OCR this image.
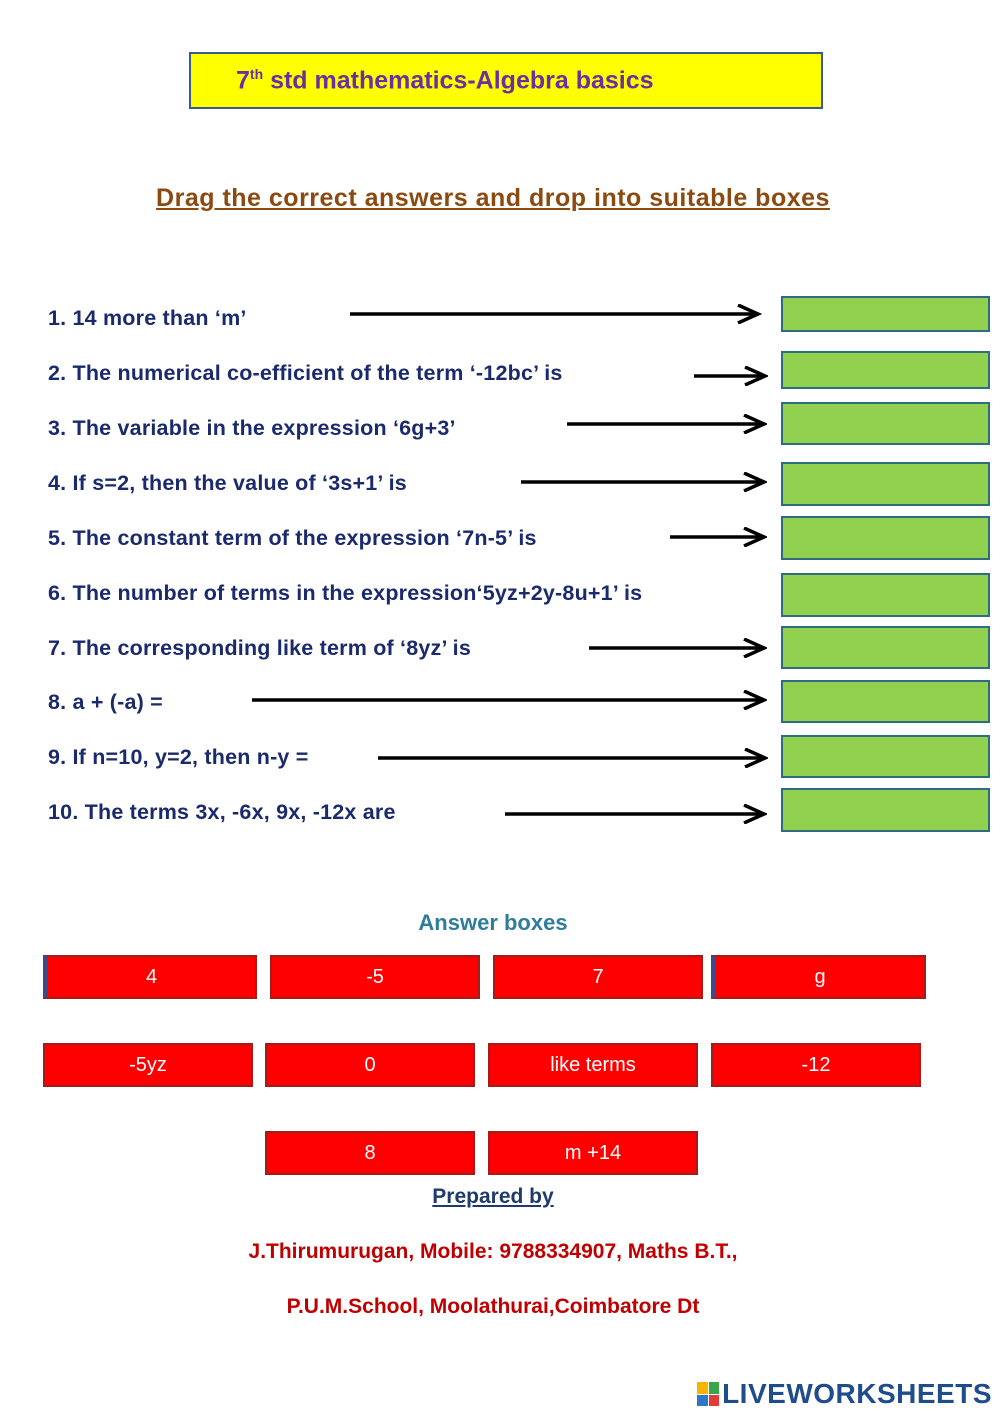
7th std mathematics-Algebra basics
Drag the correct answers and drop into suitable boxes
1. 14 more than ‘m’
2. The numerical co-efficient of the term ‘-12bc’ is
3. The variable in the expression ‘6g+3’
4. If s=2, then the value of ‘3s+1’ is
5. The constant term of the expression ‘7n-5’ is
6. The number of terms in the expression‘5yz+2y-8u+1’ is
7. The corresponding like term of ‘8yz’ is
8. a + (-a) =
9. If n=10, y=2, then n-y =
10. The terms 3x, -6x, 9x, -12x are
Answer boxes
4	-5	7	g
-5yz	0	like terms	-12
8	m +14
Prepared by
J.Thirumurugan, Mobile: 9788334907, Maths B.T.,
P.U.M.School, Moolathurai,Coimbatore Dt
LIVEWORKSHEETS
